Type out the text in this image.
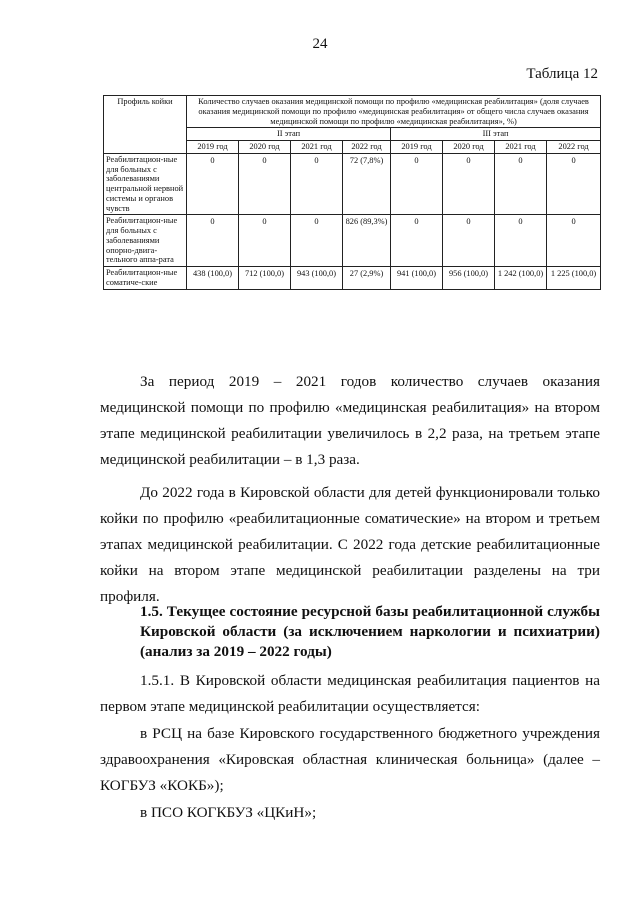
24
Таблица 12
Профиль койки	Количество случаев оказания медицинской помощи по профилю «медицинская реабилитация» (доля случаев оказания медицинской помощи по профилю «медицинская реабилитация» от общего числа случаев оказания медицинской помощи по профилю «медицинская реабилитация», %)							
	II этап				III этап			
	2019 год	2020 год	2021 год	2022 год	2019 год	2020 год	2021 год	2022 год
Реабилитацион-ные для больных с заболеваниями центральной нервной системы и органов чувств	0	0	0	72 (7,8%)	0	0	0	0
Реабилитацион-ные для больных с заболеваниями опорно-двига-тельного аппа-рата	0	0	0	826 (89,3%)	0	0	0	0
Реабилитацион-ные соматиче-ские	438 (100,0)	712 (100,0)	943 (100,0)	27 (2,9%)	941 (100,0)	956 (100,0)	1 242 (100,0)	1 225 (100,0)

За период 2019 – 2021 годов количество случаев оказания медицинской помощи по профилю «медицинская реабилитация» на втором этапе медицинской реабилитации увеличилось в 2,2 раза, на третьем этапе медицинской реабилитации – в 1,3 раза.

До 2022 года в Кировской области для детей функционировали только койки по профилю «реабилитационные соматические» на втором и третьем этапах медицинской реабилитации. С 2022 года детские реабилитационные койки на втором этапе медицинской реабилитации разделены на три профиля.

1.5. Текущее состояние ресурсной базы реабилитационной службы Кировской области (за исключением наркологии и психиатрии) (анализ за 2019 – 2022 годы)

1.5.1. В Кировской области медицинская реабилитация пациентов на первом этапе медицинской реабилитации осуществляется:

в РСЦ на базе Кировского государственного бюджетного учреждения здравоохранения «Кировская областная клиническая больница» (далее – КОГБУЗ «КОКБ»);

в ПСО КОГКБУЗ «ЦКиН»;
